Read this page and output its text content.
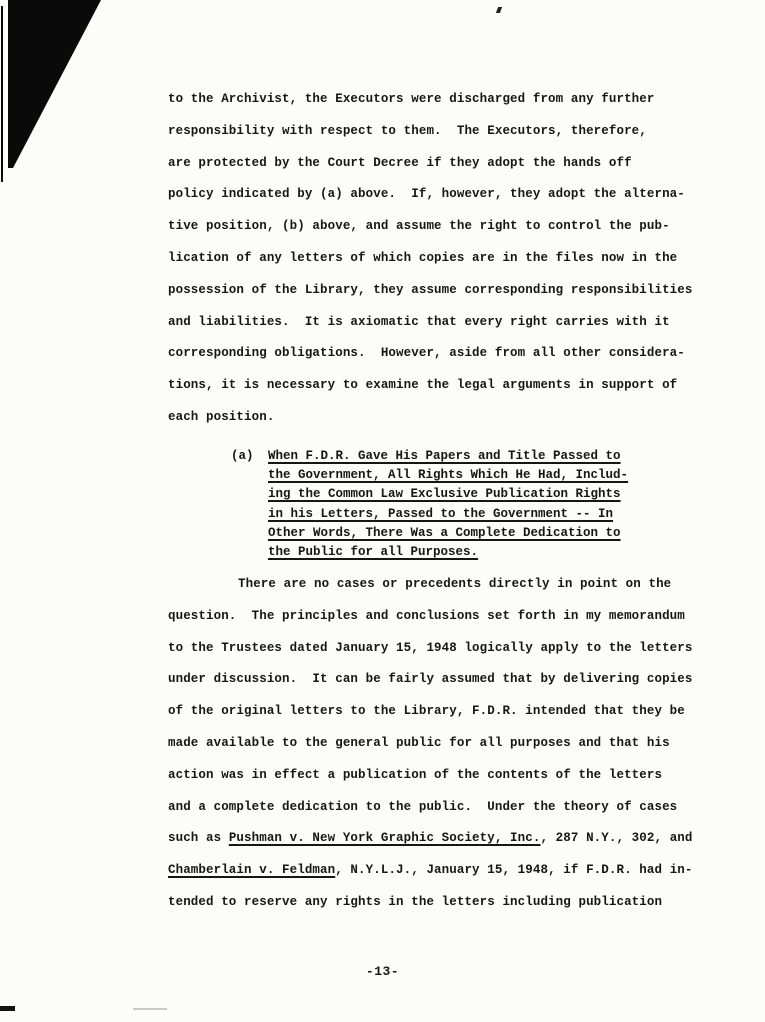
to the Archivist, the Executors were discharged from any further
responsibility with respect to them.  The Executors, therefore,
are protected by the Court Decree if they adopt the hands off
policy indicated by (a) above.  If, however, they adopt the alterna-
tive position, (b) above, and assume the right to control the pub-
lication of any letters of which copies are in the files now in the
possession of the Library, they assume corresponding responsibilities
and liabilities.  It is axiomatic that every right carries with it
corresponding obligations.  However, aside from all other considera-
tions, it is necessary to examine the legal arguments in support of
each position.
(a) When F.D.R. Gave His Papers and Title Passed to
the Government, All Rights Which He Had, Includ-
ing the Common Law Exclusive Publication Rights
in his Letters, Passed to the Government -- In
Other Words, There Was a Complete Dedication to
the Public for all Purposes.
There are no cases or precedents directly in point on the
question.  The principles and conclusions set forth in my memorandum
to the Trustees dated January 15, 1948 logically apply to the letters
under discussion.  It can be fairly assumed that by delivering copies
of the original letters to the Library, F.D.R. intended that they be
made available to the general public for all purposes and that his
action was in effect a publication of the contents of the letters
and a complete dedication to the public.  Under the theory of cases
such as Pushman v. New York Graphic Society, Inc., 287 N.Y., 302, and
Chamberlain v. Feldman, N.Y.L.J., January 15, 1948, if F.D.R. had in-
tended to reserve any rights in the letters including publication
-13-
